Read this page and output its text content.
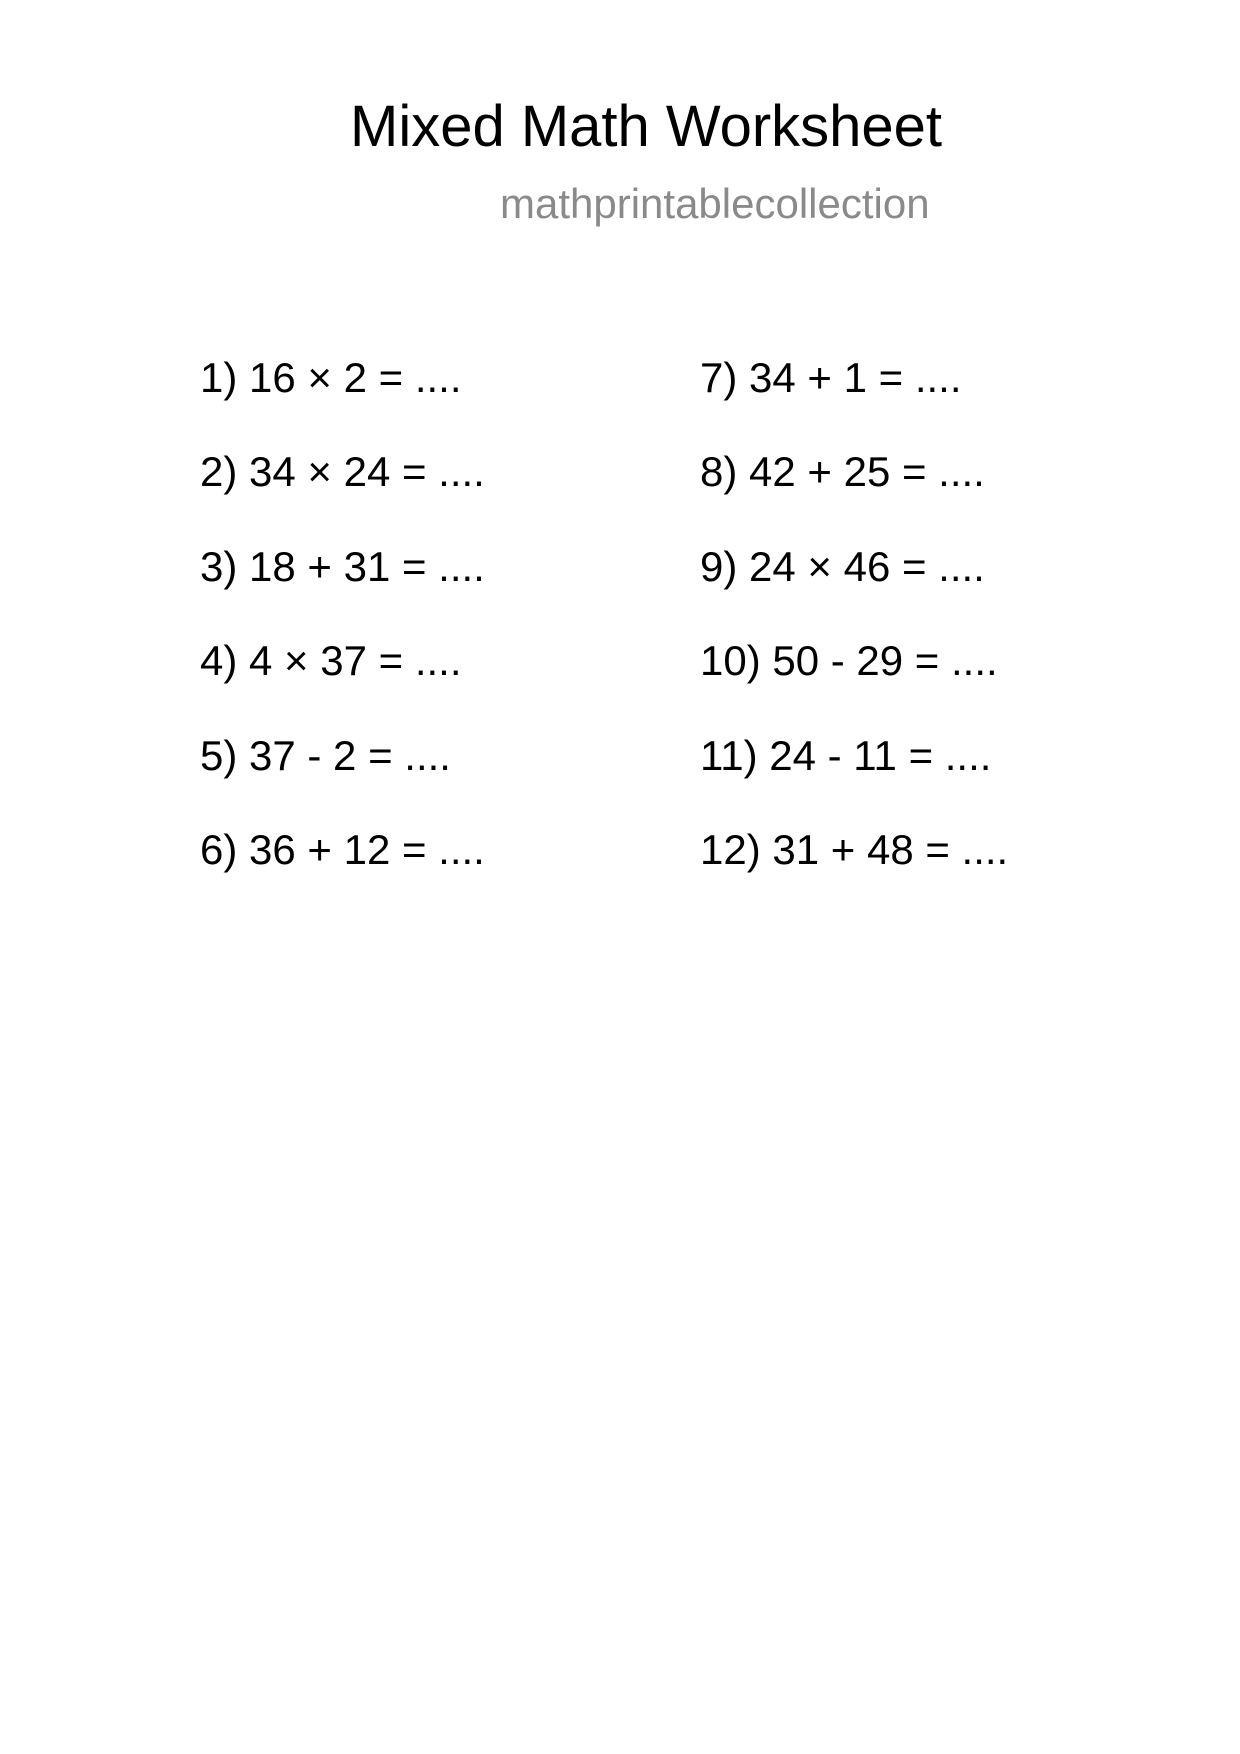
Mixed Math Worksheet
mathprintablecollection
1) 16 × 2 = ....
2) 34 × 24 = ....
3) 18 + 31 = ....
4) 4 × 37 = ....
5) 37 - 2 = ....
6) 36 + 12 = ....
7) 34 + 1 = ....
8) 42 + 25 = ....
9) 24 × 46 = ....
10) 50 - 29 = ....
11) 24 - 11 = ....
12) 31 + 48 = ....
